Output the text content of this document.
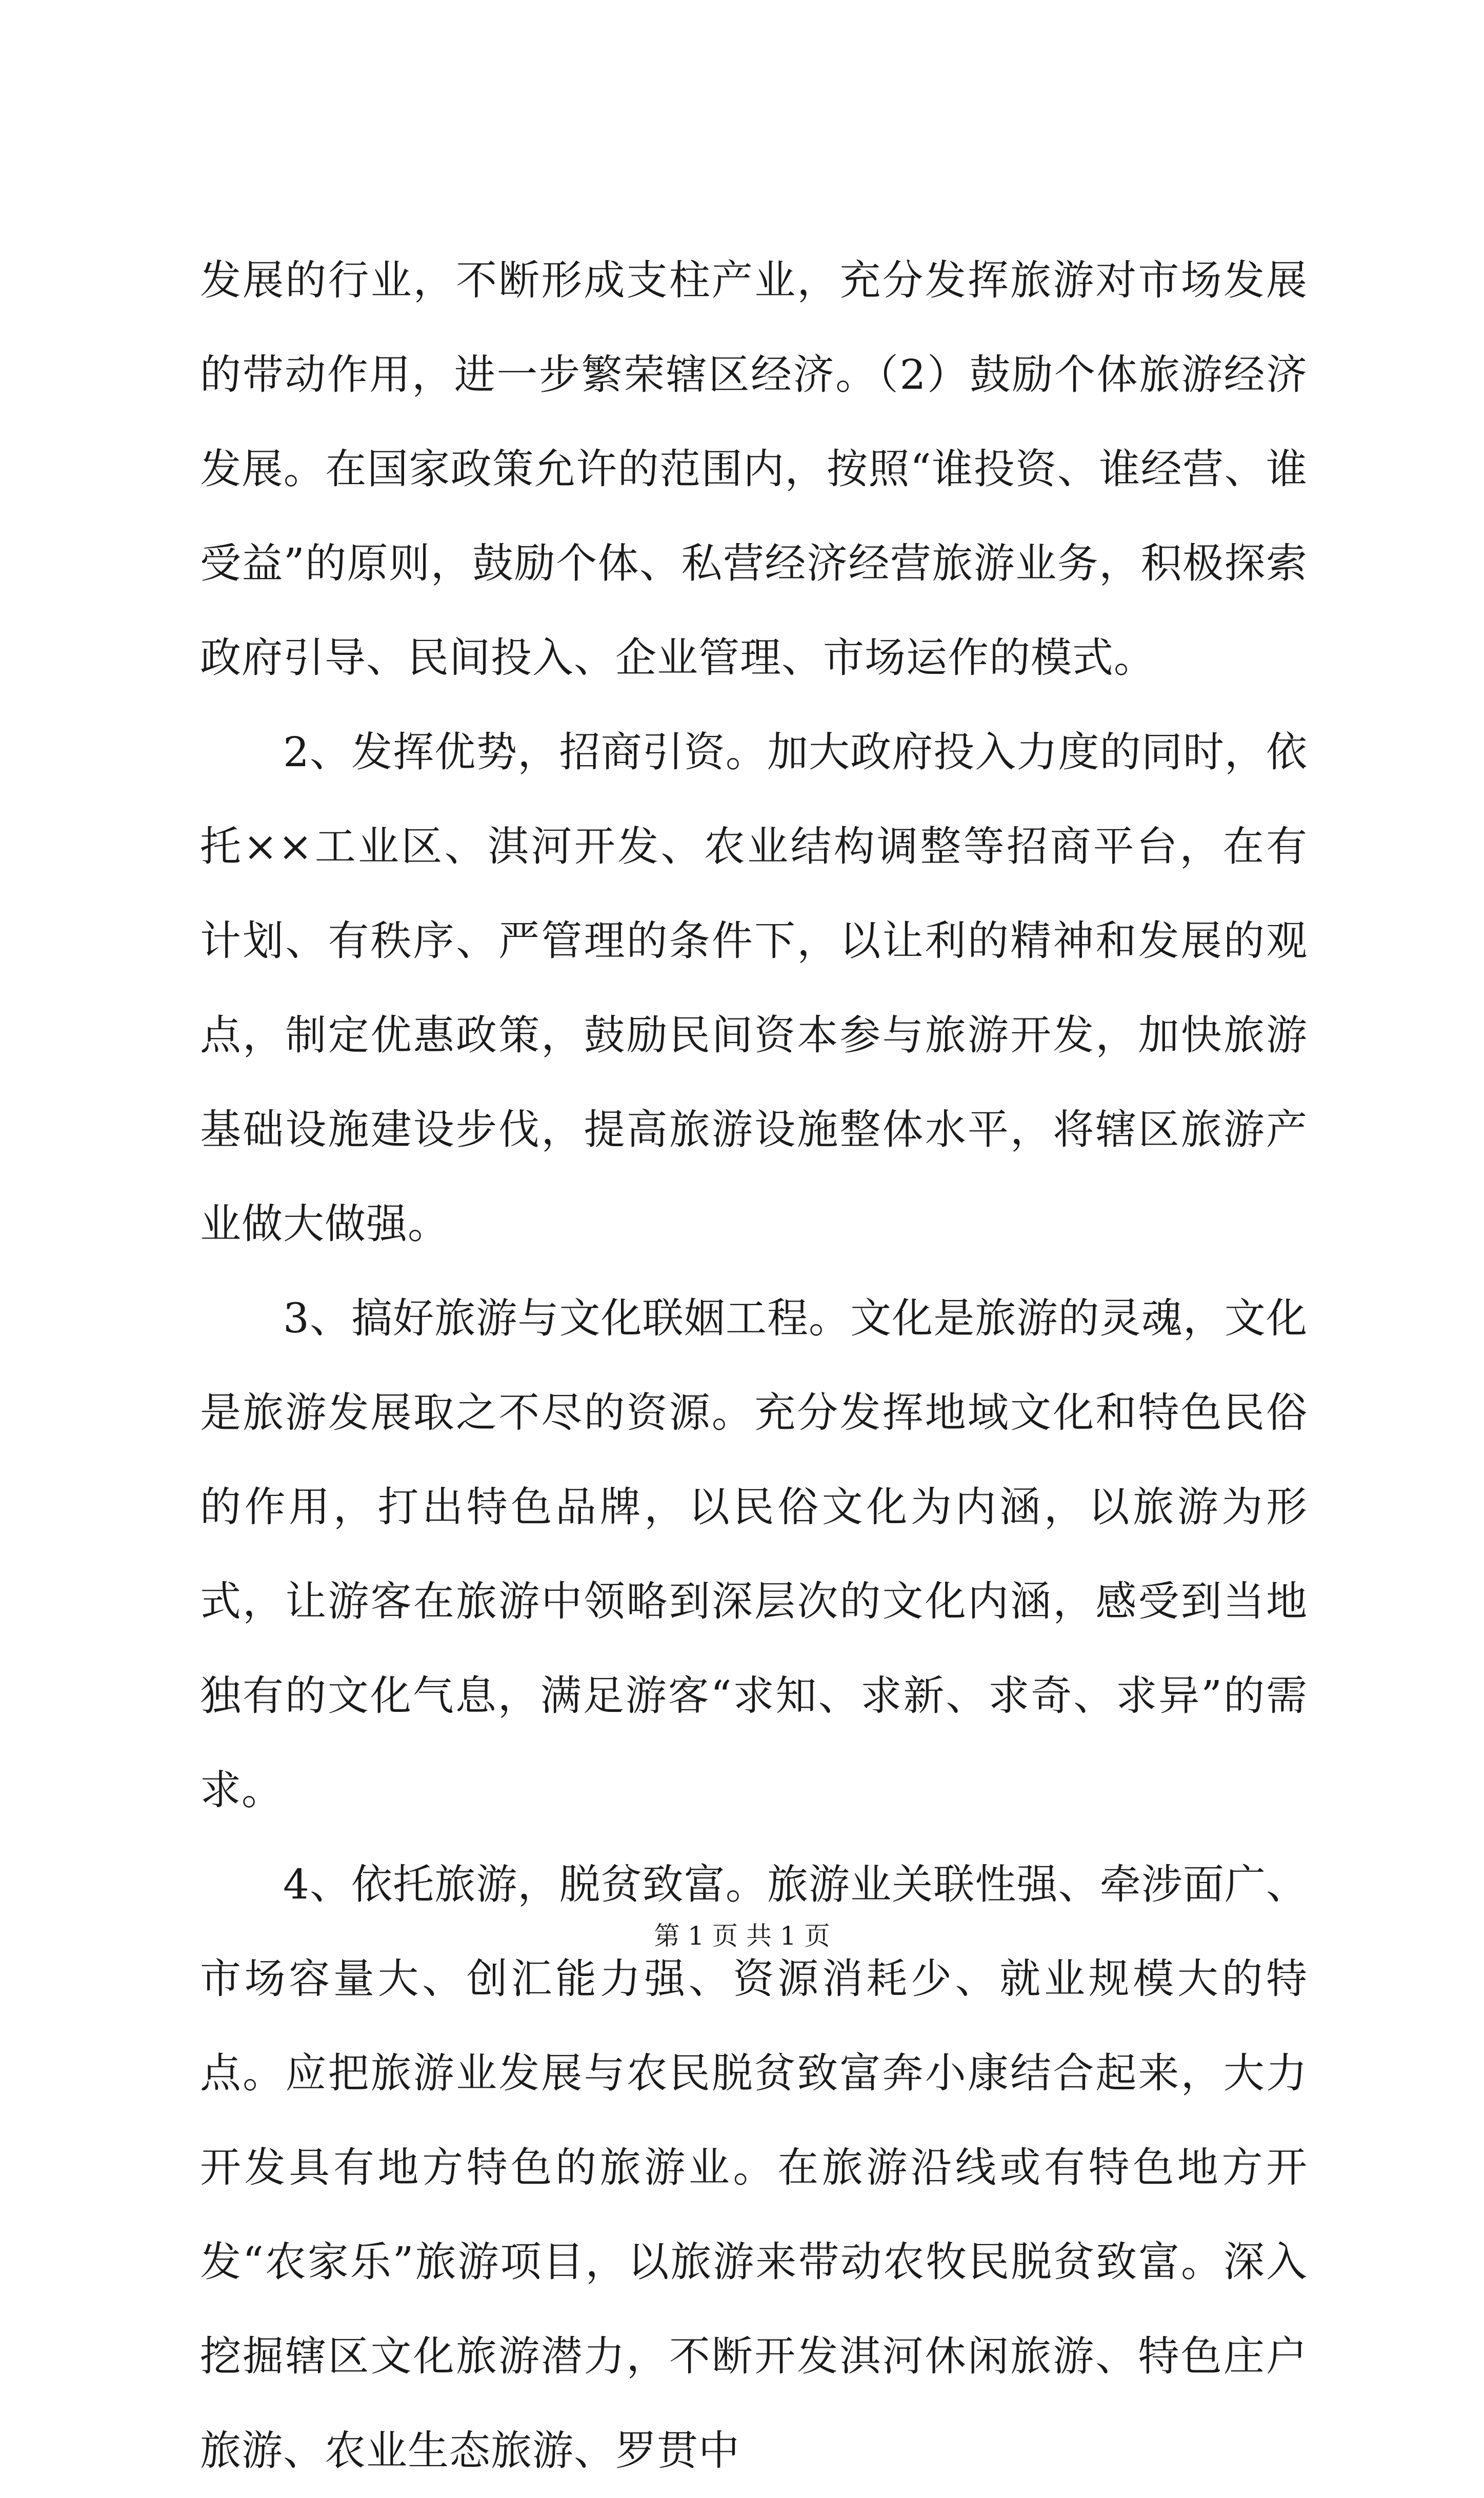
发展的行业，不断形成支柱产业，充分发挥旅游对市场发展的带动作用，进一步繁荣辖区经济。（2）鼓励个体旅游经济发展。在国家政策允许的范围内，按照“谁投资、谁经营、谁受益”的原则，鼓励个体、私营经济经营旅游业务，积极探索政府引导、民间投入、企业管理、市场运作的模式。

2、发挥优势，招商引资。加大政府投入力度的同时，依托××工业区、淇河开发、农业结构调整等招商平台，在有计划、有秩序、严管理的条件下，以让利的精神和发展的观点，制定优惠政策，鼓励民间资本参与旅游开发，加快旅游基础设施建设步伐，提高旅游设施整体水平，将辖区旅游产业做大做强。

3、搞好旅游与文化联姻工程。文化是旅游的灵魂，文化是旅游发展取之不尽的资源。充分发挥地域文化和特色民俗的作用，打出特色品牌，以民俗文化为内涵，以旅游为形式，让游客在旅游中领略到深层次的文化内涵，感受到当地独有的文化气息，满足游客“求知、求新、求奇、求异”的需求。

4、依托旅游，脱贫致富。旅游业关联性强、牵涉面广、市场容量大、创汇能力强、资源消耗少、就业规模大的特点。应把旅游业发展与农民脱贫致富奔小康结合起来，大力开发具有地方特色的旅游业。在旅游沿线或有特色地方开发“农家乐”旅游项目，以旅游来带动农牧民脱贫致富。深入挖掘辖区文化旅游潜力，不断开发淇河休闲旅游、特色庄户旅游、农业生态旅游、罗贯中

第 1 页 共 1 页
